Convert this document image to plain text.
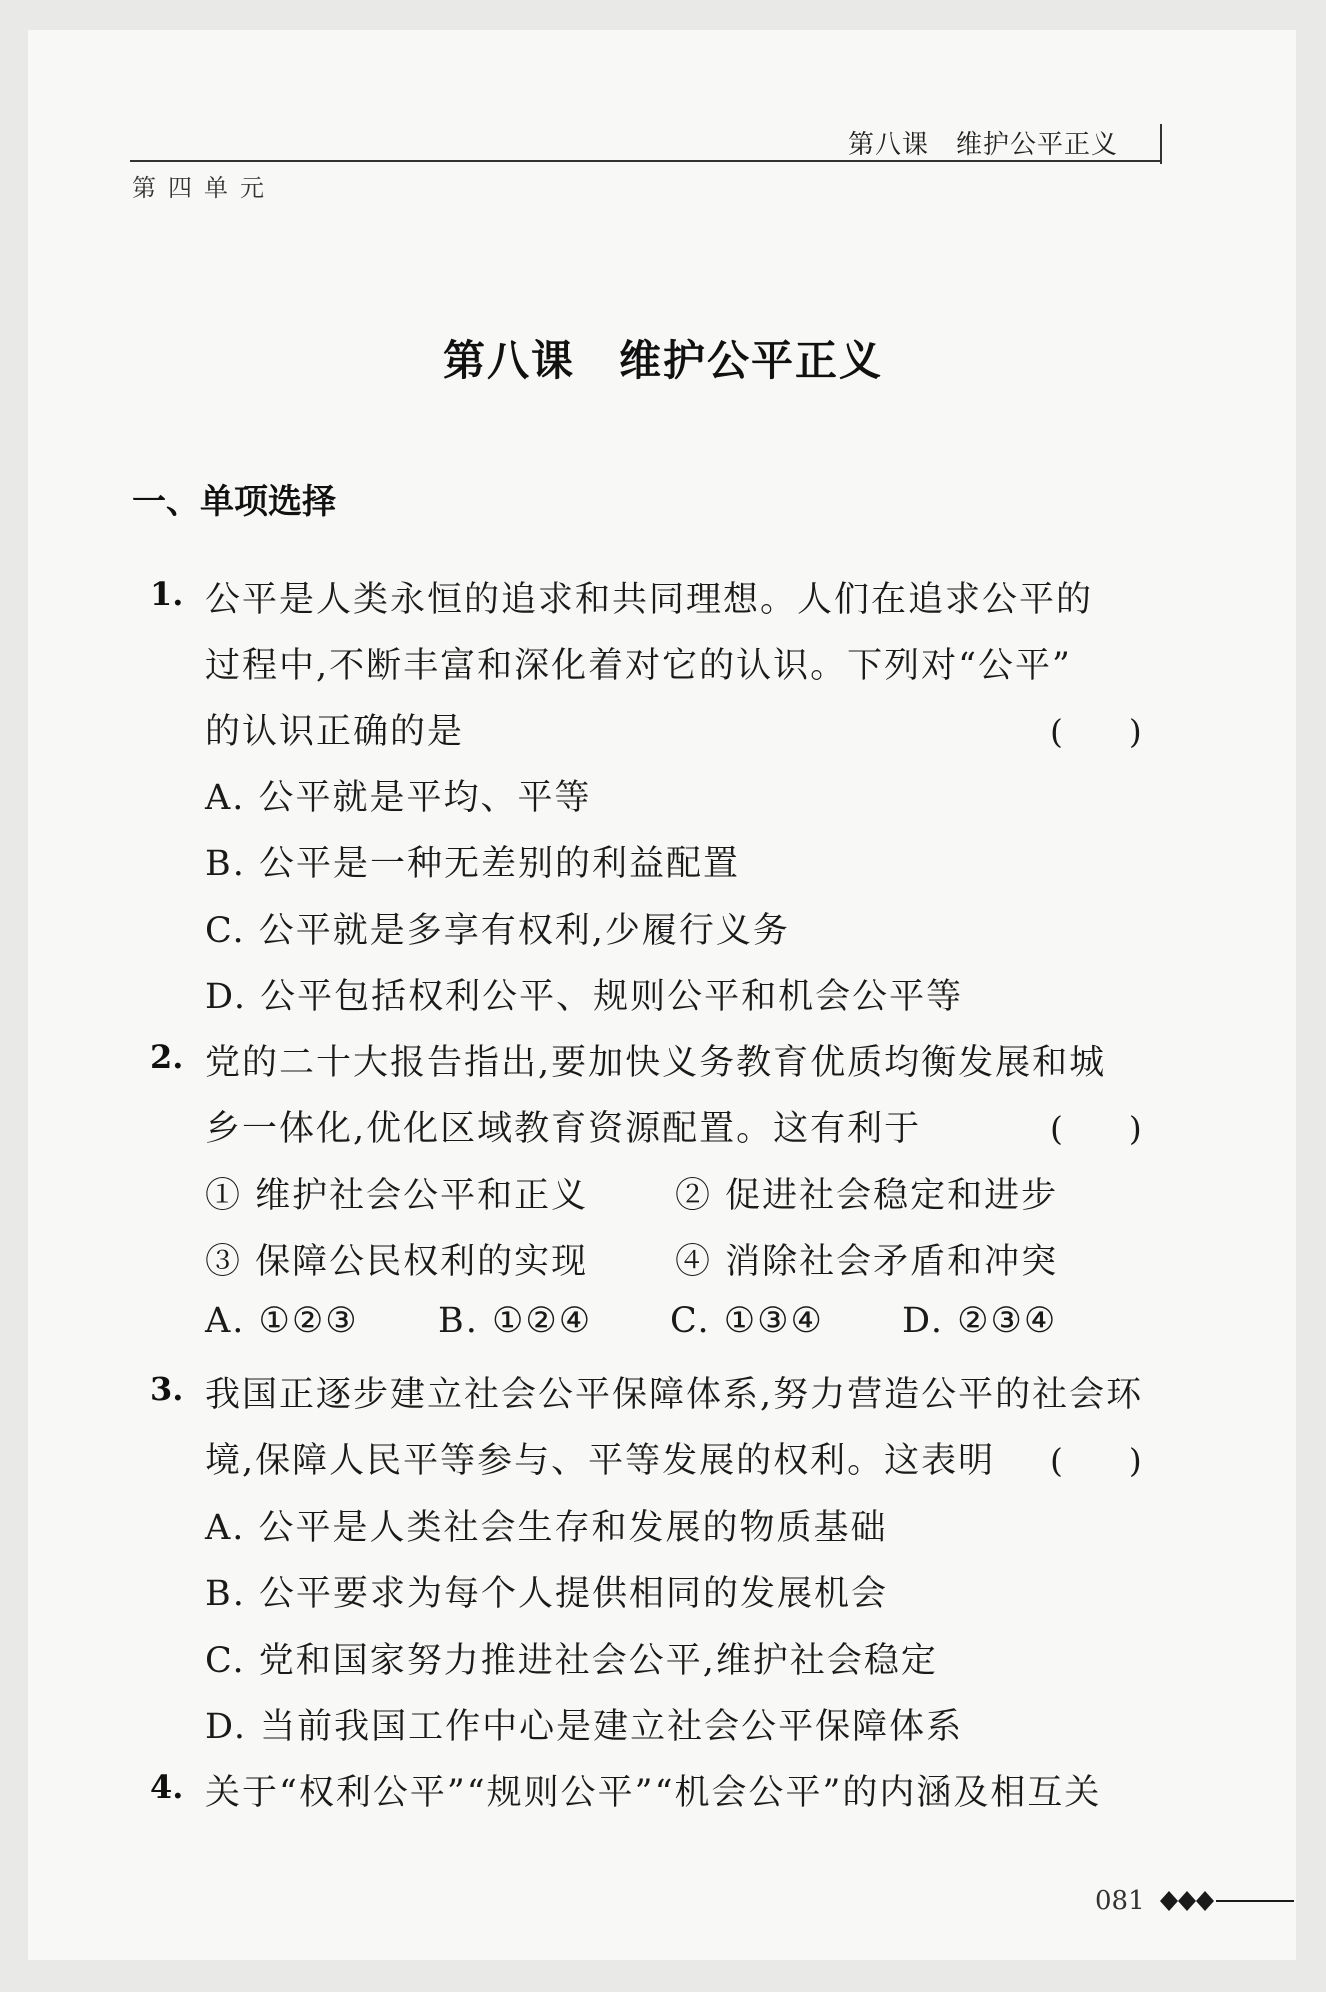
第八课　维护公平正义
第四单元
第八课　维护公平正义
一、单项选择
1. 公平是人类永恒的追求和共同理想。人们在追求公平的
过程中,不断丰富和深化着对它的认识。下列对“公平”
的认识正确的是	(　　)
A. 公平就是平均、平等
B. 公平是一种无差别的利益配置
C. 公平就是多享有权利,少履行义务
D. 公平包括权利公平、规则公平和机会公平等
2. 党的二十大报告指出,要加快义务教育优质均衡发展和城
乡一体化,优化区域教育资源配置。这有利于	(　　)
① 维护社会公平和正义 ② 促进社会稳定和进步
③ 保障公民权利的实现 ④ 消除社会矛盾和冲突
A. ①②③ B. ①②④ C. ①③④ D. ②③④
3. 我国正逐步建立社会公平保障体系,努力营造公平的社会环
境,保障人民平等参与、平等发展的权利。这表明 (　　)
A. 公平是人类社会生存和发展的物质基础
B. 公平要求为每个人提供相同的发展机会
C. 党和国家努力推进社会公平,维护社会稳定
D. 当前我国工作中心是建立社会公平保障体系
4. 关于“权利公平”“规则公平”“机会公平”的内涵及相互关
081
